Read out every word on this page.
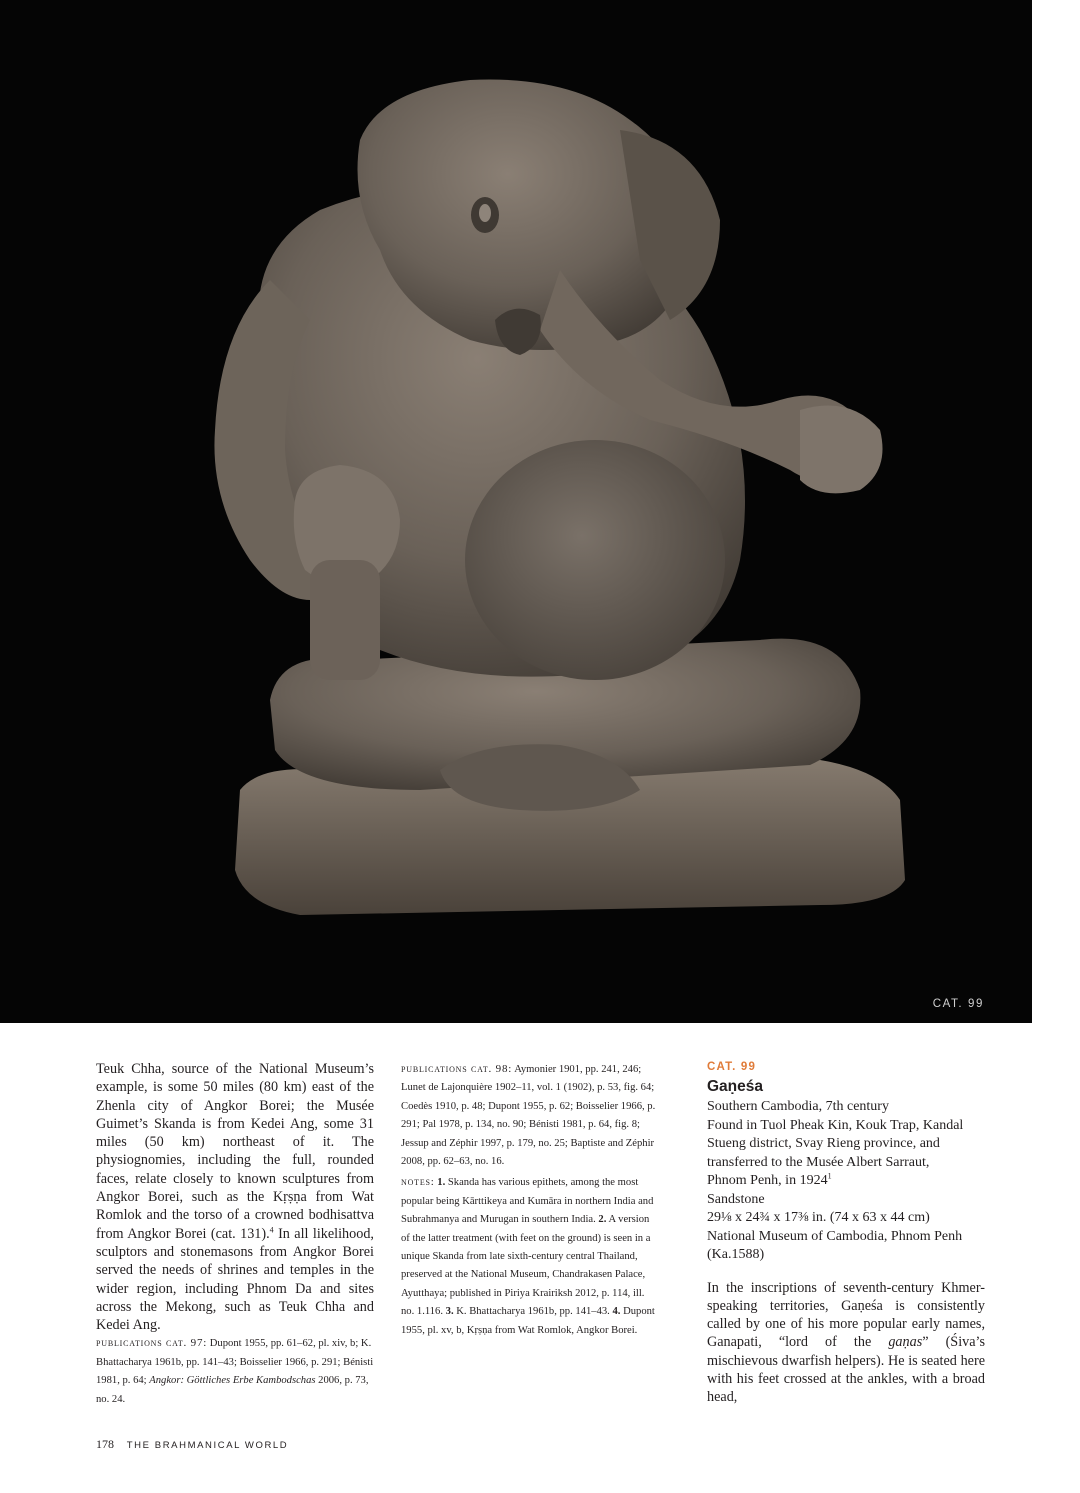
CAT. 99

Teuk Chha, source of the National Museum’s example, is some 50 miles (80 km) east of the Zhenla city of Angkor Borei; the Musée Guimet’s Skanda is from Kedei Ang, some 31 miles (50 km) northeast of it. The physiognomies, including the full, rounded faces, relate closely to known sculptures from Angkor Borei, such as the Kṛṣṇa from Wat Romlok and the torso of a crowned bodhisattva from Angkor Borei (cat. 131).$^4$ In all likelihood, sculptors and stonemasons from Angkor Borei served the needs of shrines and temples in the wider region, including Phnom Da and sites across the Mekong, such as Teuk Chha and Kedei Ang.

publications cat. 97: Dupont 1955, pp. 61–62, pl. xiv, b; K. Bhattacharya 1961b, pp. 141–43; Boisselier 1966, p. 291; Bénisti 1981, p. 64; Angkor: Göttliches Erbe Kambodschas 2006, p. 73, no. 24.

publications cat. 98: Aymonier 1901, pp. 241, 246; Lunet de Lajonquière 1902–11, vol. 1 (1902), p. 53, fig. 64; Coedès 1910, p. 48; Dupont 1955, p. 62; Boisselier 1966, p. 291; Pal 1978, p. 134, no. 90; Bénisti 1981, p. 64, fig. 8; Jessup and Zéphir 1997, p. 179, no. 25; Baptiste and Zéphir 2008, pp. 62–63, no. 16.

notes: 1. Skanda has various epithets, among the most popular being Kārttikeya and Kumāra in northern India and Subrahmanya and Murugan in southern India. 2. A version of the latter treatment (with feet on the ground) is seen in a unique Skanda from late sixth-century central Thailand, preserved at the National Museum, Chandrakasen Palace, Ayutthaya; published in Piriya Krairiksh 2012, p. 114, ill. no. 1.116. 3. K. Bhattacharya 1961b, pp. 141–43. 4. Dupont 1955, pl. xv, b, Kṛṣṇa from Wat Romlok, Angkor Borei.

CAT. 99

Gaṇeśa

Southern Cambodia, 7th century

Found in Tuol Pheak Kin, Kouk Trap, Kandal

Stueng district, Svay Rieng province, and

transferred to the Musée Albert Sarraut,

Phnom Penh, in 1924$^1$

Sandstone

29⅛ x 24¾ x 17⅜ in. (74 x 63 x 44 cm)

National Museum of Cambodia, Phnom Penh

(Ka.1588)

In the inscriptions of seventh-century Khmer-speaking territories, Gaṇeśa is consistently called by one of his more popular early names, Ganapati, “lord of the gaṇas” (Śiva’s mischievous dwarfish helpers). He is seated here with his feet crossed at the ankles, with a broad head,

178 THE BRAHMANICAL WORLD
